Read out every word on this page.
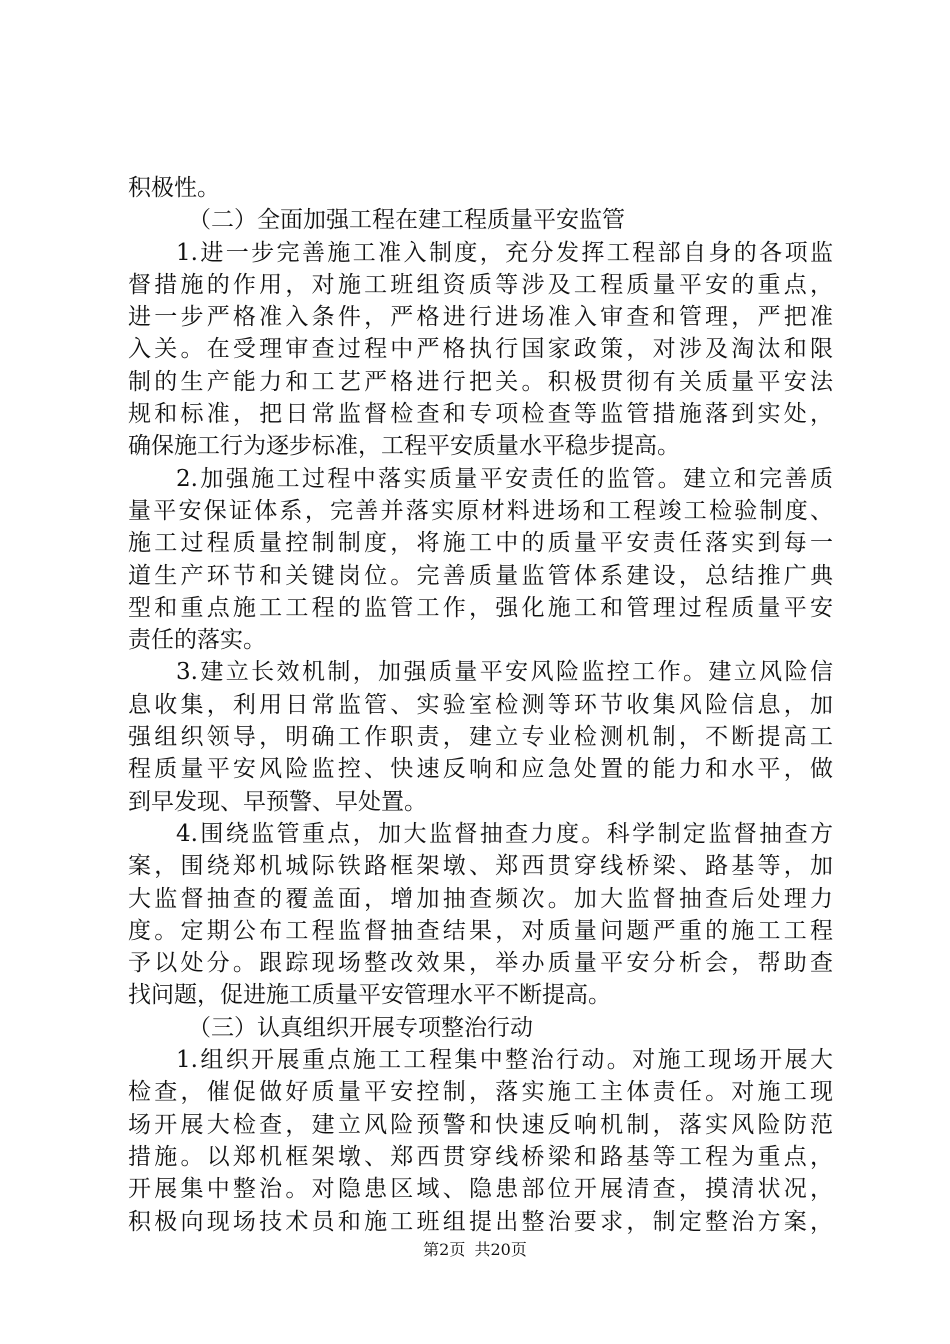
积极性。
（二）全面加强工程在建工程质量平安监管
1.进一步完善施工准入制度，充分发挥工程部自身的各项监
督措施的作用，对施工班组资质等涉及工程质量平安的重点，
进一步严格准入条件，严格进行进场准入审查和管理，严把准
入关。在受理审查过程中严格执行国家政策，对涉及淘汰和限
制的生产能力和工艺严格进行把关。积极贯彻有关质量平安法
规和标准，把日常监督检查和专项检查等监管措施落到实处，
确保施工行为逐步标准，工程平安质量水平稳步提高。
2.加强施工过程中落实质量平安责任的监管。建立和完善质
量平安保证体系，完善并落实原材料进场和工程竣工检验制度、
施工过程质量控制制度，将施工中的质量平安责任落实到每一
道生产环节和关键岗位。完善质量监管体系建设，总结推广典
型和重点施工工程的监管工作，强化施工和管理过程质量平安
责任的落实。
3.建立长效机制，加强质量平安风险监控工作。建立风险信
息收集，利用日常监管、实验室检测等环节收集风险信息，加
强组织领导，明确工作职责，建立专业检测机制，不断提高工
程质量平安风险监控、快速反响和应急处置的能力和水平，做
到早发现、早预警、早处置。
4.围绕监管重点，加大监督抽查力度。科学制定监督抽查方
案，围绕郑机城际铁路框架墩、郑西贯穿线桥梁、路基等，加
大监督抽查的覆盖面，增加抽查频次。加大监督抽查后处理力
度。定期公布工程监督抽查结果，对质量问题严重的施工工程
予以处分。跟踪现场整改效果，举办质量平安分析会，帮助查
找问题，促进施工质量平安管理水平不断提高。
（三）认真组织开展专项整治行动
1.组织开展重点施工工程集中整治行动。对施工现场开展大
检查，催促做好质量平安控制，落实施工主体责任。对施工现
场开展大检查，建立风险预警和快速反响机制，落实风险防范
措施。以郑机框架墩、郑西贯穿线桥梁和路基等工程为重点，
开展集中整治。对隐患区域、隐患部位开展清查，摸清状况，
积极向现场技术员和施工班组提出整治要求，制定整治方案，
第2页 共20页
